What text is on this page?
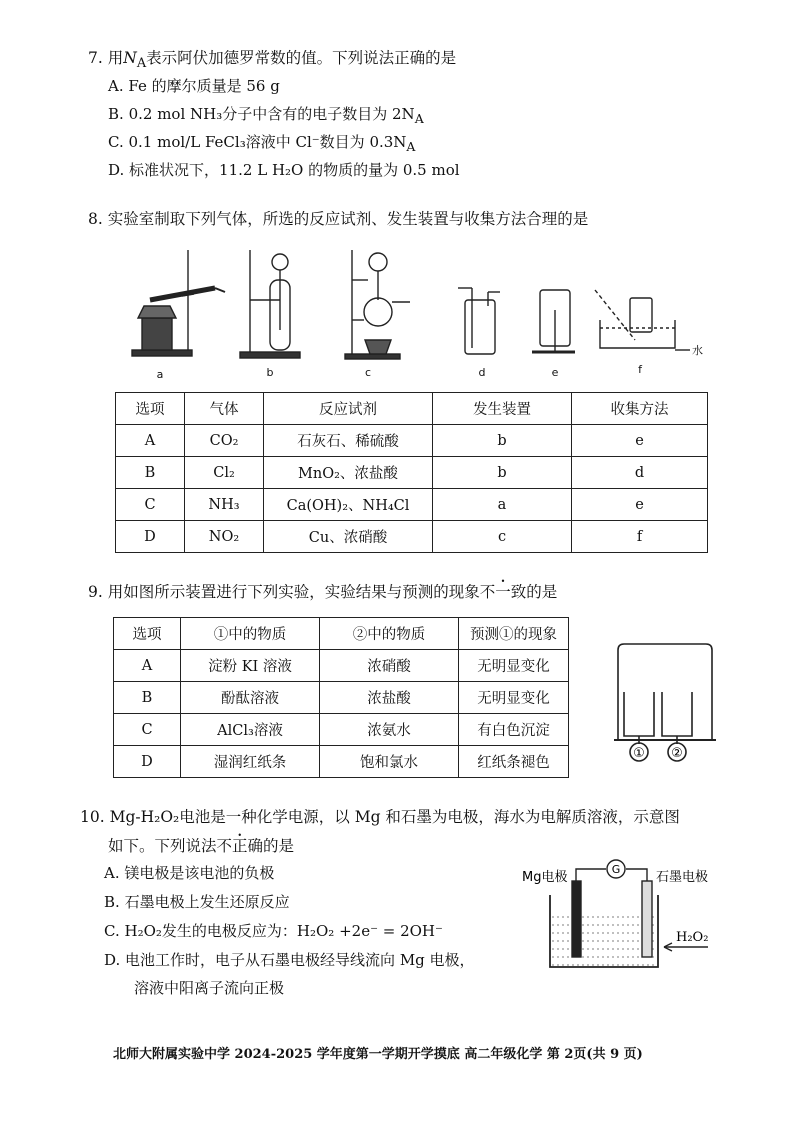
7. 用$N_A$表示阿伏加德罗常数的值。下列说法正确的是
A. Fe 的摩尔质量是 56 g
B. 0.2 mol NH₃分子中含有的电子数目为 $2N_A$
C. 0.1 mol/L FeCl₃溶液中 Cl⁻数目为 $0.3N_A$
D. 标准状况下，11.2 L H₂O 的物质的量为 0.5 mol
8. 实验室制取下列气体，所选的反应试剂、发生装置与收集方法合理的是
a	b	c	d	e	f
水
选项	气体	反应试剂	发生装置	收集方法
A	CO₂	石灰石、稀硫酸	b	e
B	Cl₂	MnO₂、浓盐酸	b	d
C	NH₃	Ca(OH)₂、NH₄Cl	a	e
D	NO₂	Cu、浓硝酸	c	f
9. 用如图所示装置进行下列实验，实验结果与预测的现象不一致的是
选项	①中的物质	②中的物质	预测①的现象
A	淀粉 KI 溶液	浓硝酸	无明显变化
B	酚酞溶液	浓盐酸	无明显变化
C	AlCl₃溶液	浓氨水	有白色沉淀
D	湿润红纸条	饱和氯水	红纸条褪色
① ②
10. Mg-H₂O₂电池是一种化学电源，以 Mg 和石墨为电极，海水为电解质溶液，示意图
如下。下列说法不正确的是
A. 镁电极是该电池的负极
B. 石墨电极上发生还原反应
C. H₂O₂发生的电极反应为：H₂O₂ +2e⁻ = 2OH⁻
D. 电池工作时，电子从石墨电极经导线流向 Mg 电极，
溶液中阳离子流向正极
G
Mg电极	石墨电极
H₂O₂
北师大附属实验中学 2024-2025 学年度第一学期开学摸底 高二年级化学 第 2页(共 9 页)
